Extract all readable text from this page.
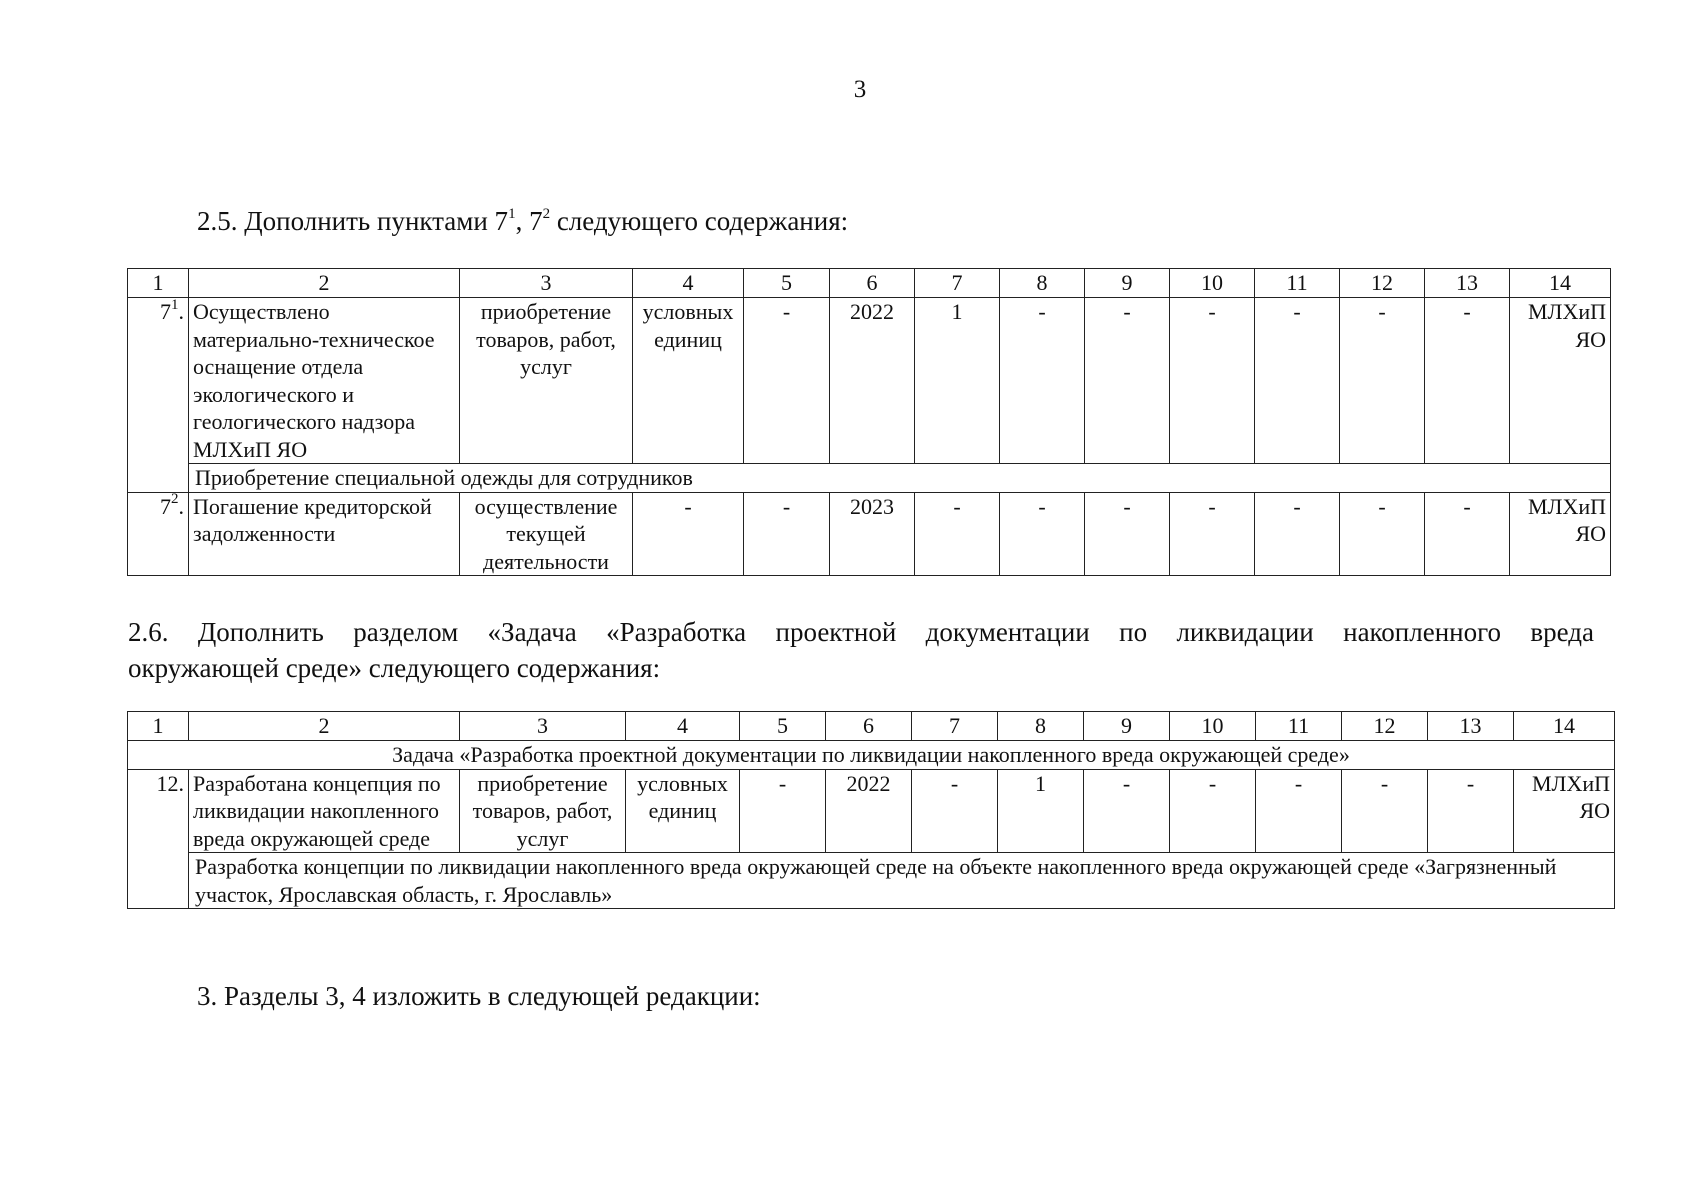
3

2.5. Дополнить пунктами $7^1$, $7^2$ следующего содержания:

1	2	3	4	5	6	7	8	9	10	11	12	13	14
$7^1$.	Осуществлено материально-техническое оснащение отдела экологического и геологического надзора МЛХиП ЯО	приобретение товаров, работ, услуг	условных единиц	-	2022	1	-	-	-	-	-	-	МЛХиП ЯО
	Приобретение специальной одежды для сотрудников												
$7^2$.	Погашение кредиторской задолженности	осуществление текущей деятельности	-	-	2023	-	-	-	-	-	-	-	МЛХиП ЯО

2.6. Дополнить разделом «Задача «Разработка проектной документации по ликвидации накопленного вреда

окружающей среде» следующего содержания:

1	2	3	4	5	6	7	8	9	10	11	12	13	14
Задача «Разработка проектной документации по ликвидации накопленного вреда окружающей среде»													
12.	Разработана концепция по ликвидации накопленного вреда окружающей среде	приобретение товаров, работ, услуг	условных единиц	-	2022	-	1	-	-	-	-	-	МЛХиП ЯО
	Разработка концепции по ликвидации накопленного вреда окружающей среде на объекте накопленного вреда окружающей среде «Загрязненный участок, Ярославская область, г. Ярославль»												

3. Разделы 3, 4 изложить в следующей редакции:
